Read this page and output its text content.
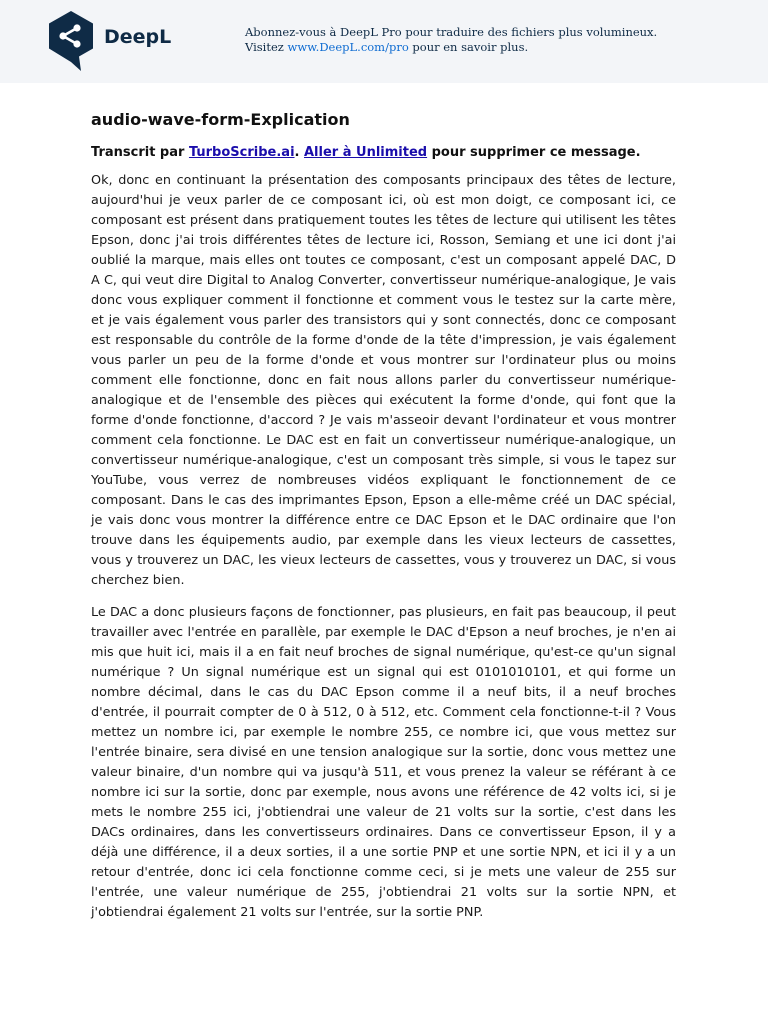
DeepL	Abonnez-vous à DeepL Pro pour traduire des fichiers plus volumineux.
Visitez www.DeepL.com/pro pour en savoir plus.
audio-wave-form-Explication
Transcrit par TurboScribe.ai. Aller à Unlimited pour supprimer ce message.

Ok, donc en continuant la présentation des composants principaux des têtes de lecture, aujourd'hui je veux parler de ce composant ici, où est mon doigt, ce composant ici, ce composant est présent dans pratiquement toutes les têtes de lecture qui utilisent les têtes Epson, donc j'ai trois différentes têtes de lecture ici, Rosson, Semiang et une ici dont j'ai oublié la marque, mais elles ont toutes ce composant, c'est un composant appelé DAC, D A C, qui veut dire Digital to Analog Converter, convertisseur numérique-analogique, Je vais donc vous expliquer comment il fonctionne et comment vous le testez sur la carte mère, et je vais également vous parler des transistors qui y sont connectés, donc ce composant est responsable du contrôle de la forme d'onde de la tête d'impression, je vais également vous parler un peu de la forme d'onde et vous montrer sur l'ordinateur plus ou moins comment elle fonctionne, donc en fait nous allons parler du convertisseur numérique-analogique et de l'ensemble des pièces qui exécutent la forme d'onde, qui font que la forme d'onde fonctionne, d'accord ? Je vais m'asseoir devant l'ordinateur et vous montrer comment cela fonctionne. Le DAC est en fait un convertisseur numérique-analogique, un convertisseur numérique-analogique, c'est un composant très simple, si vous le tapez sur YouTube, vous verrez de nombreuses vidéos expliquant le fonctionnement de ce composant. Dans le cas des imprimantes Epson, Epson a elle-même créé un DAC spécial, je vais donc vous montrer la différence entre ce DAC Epson et le DAC ordinaire que l'on trouve dans les équipements audio, par exemple dans les vieux lecteurs de cassettes, vous y trouverez un DAC, les vieux lecteurs de cassettes, vous y trouverez un DAC, si vous cherchez bien.

Le DAC a donc plusieurs façons de fonctionner, pas plusieurs, en fait pas beaucoup, il peut travailler avec l'entrée en parallèle, par exemple le DAC d'Epson a neuf broches, je n'en ai mis que huit ici, mais il a en fait neuf broches de signal numérique, qu'est-ce qu'un signal numérique ? Un signal numérique est un signal qui est 0101010101, et qui forme un nombre décimal, dans le cas du DAC Epson comme il a neuf bits, il a neuf broches d'entrée, il pourrait compter de 0 à 512, 0 à 512, etc. Comment cela fonctionne-t-il ? Vous mettez un nombre ici, par exemple le nombre 255, ce nombre ici, que vous mettez sur l'entrée binaire, sera divisé en une tension analogique sur la sortie, donc vous mettez une valeur binaire, d'un nombre qui va jusqu'à 511, et vous prenez la valeur se référant à ce nombre ici sur la sortie, donc par exemple, nous avons une référence de 42 volts ici, si je mets le nombre 255 ici, j'obtiendrai une valeur de 21 volts sur la sortie, c'est dans les DACs ordinaires, dans les convertisseurs ordinaires. Dans ce convertisseur Epson, il y a déjà une différence, il a deux sorties, il a une sortie PNP et une sortie NPN, et ici il y a un retour d'entrée, donc ici cela fonctionne comme ceci, si je mets une valeur de 255 sur l'entrée, une valeur numérique de 255, j'obtiendrai 21 volts sur la sortie NPN, et j'obtiendrai également 21 volts sur l'entrée, sur la sortie PNP.
